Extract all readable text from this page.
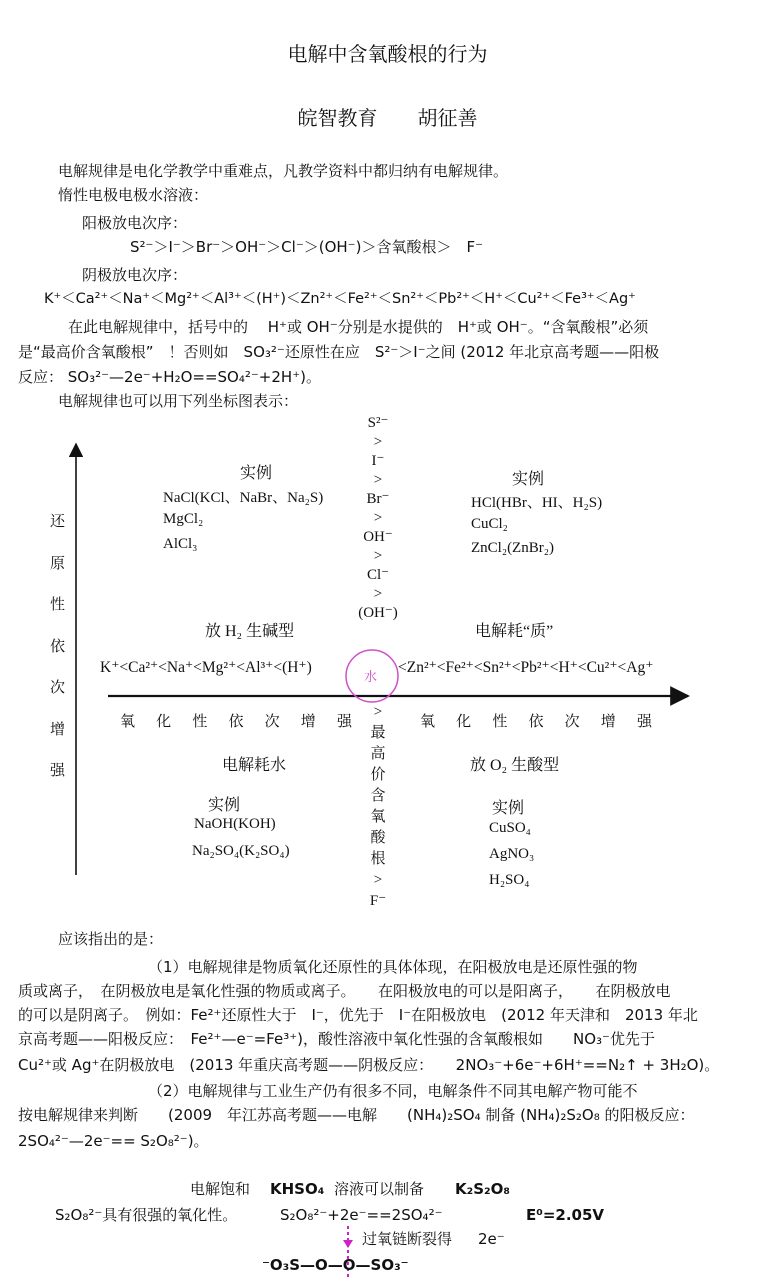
电解中含氧酸根的行为
皖智教育　　胡征善
电解规律是电化学教学中重难点，凡教学资料中都归纳有电解规律。
惰性电极电极水溶液：
阳极放电次序：
S²⁻＞I⁻＞Br⁻＞OH⁻＞Cl⁻＞(OH⁻)＞含氧酸根＞　F⁻
阴极放电次序：
K⁺＜Ca²⁺＜Na⁺＜Mg²⁺＜Al³⁺＜(H⁺)＜Zn²⁺＜Fe²⁺＜Sn²⁺＜Pb²⁺＜H⁺＜Cu²⁺＜Fe³⁺＜Ag⁺
在此电解规律中，括号中的　 H⁺或 OH⁻分别是水提供的　H⁺或 OH⁻。“含氧酸根”必须
是“最高价含氧酸根”　！否则如　SO₃²⁻还原性在应　S²⁻＞I⁻之间 (2012 年北京高考题——阳极
反应： SO₃²⁻—2e⁻+H₂O==SO₄²⁻+2H⁺)。
电解规律也可以用下列坐标图表示：
还
原
性
依
次
增
强
S²⁻
>
I⁻
>
Br⁻
>
OH⁻
>
Cl⁻
>
(OH⁻)
>
最
高
价
含
氧
酸
根
>
F⁻
实例
NaCl(KCl、NaBr、Na₂S)
MgCl₂
AlCl₃
放 H₂ 生碱型
实例
HCl(HBr、HI、H₂S)
CuCl₂
ZnCl₂(ZnBr₂)
电解耗“质”
K⁺<Ca²⁺<Na⁺<Mg²⁺<Al³⁺<(H⁺)	<Zn²⁺<Fe²⁺<Sn²⁺<Pb²⁺<H⁺<Cu²⁺<Ag⁺
水
氧 化 性 依 次 增 强	氧 化 性 依 次 增 强
电解耗水
实例
NaOH(KOH)
Na₂SO₄(K₂SO₄)
放 O₂ 生酸型
实例
CuSO₄
AgNO₃
H₂SO₄
应该指出的是：
（1）电解规律是物质氧化还原性的具体体现，在阳极放电是还原性强的物
质或离子，　在阴极放电是氧化性强的物质或离子。　　在阳极放电的可以是阳离子，　　在阴极放电
的可以是阴离子。　例如：Fe²⁺还原性大于　I⁻，优先于　I⁻在阳极放电　(2012 年天津和　2013 年北
京高考题——阳极反应：　Fe²⁺—e⁻=Fe³⁺)，酸性溶液中氧化性强的含氧酸根如　　NO₃⁻优先于
Cu²⁺或 Ag⁺在阴极放电　(2013 年重庆高考题——阴极反应：　　2NO₃⁻+6e⁻+6H⁺==N₂↑ + 3H₂O)。
（2）电解规律与工业生产仍有很多不同，电解条件不同其电解产物可能不
按电解规律来判断　　(2009　年江苏高考题——电解　　(NH₄)₂SO₄ 制备 (NH₄)₂S₂O₈ 的阳极反应：
2SO₄²⁻—2e⁻== S₂O₈²⁻)。
电解饱和 KHSO₄ 溶液可以制备 K₂S₂O₈
S₂O₈²⁻具有很强的氧化性。	S₂O₈²⁻+2e⁻==2SO₄²⁻	E⁰=2.05V
过氧链断裂得 2e⁻
⁻O₃S—O—O—SO₃⁻
